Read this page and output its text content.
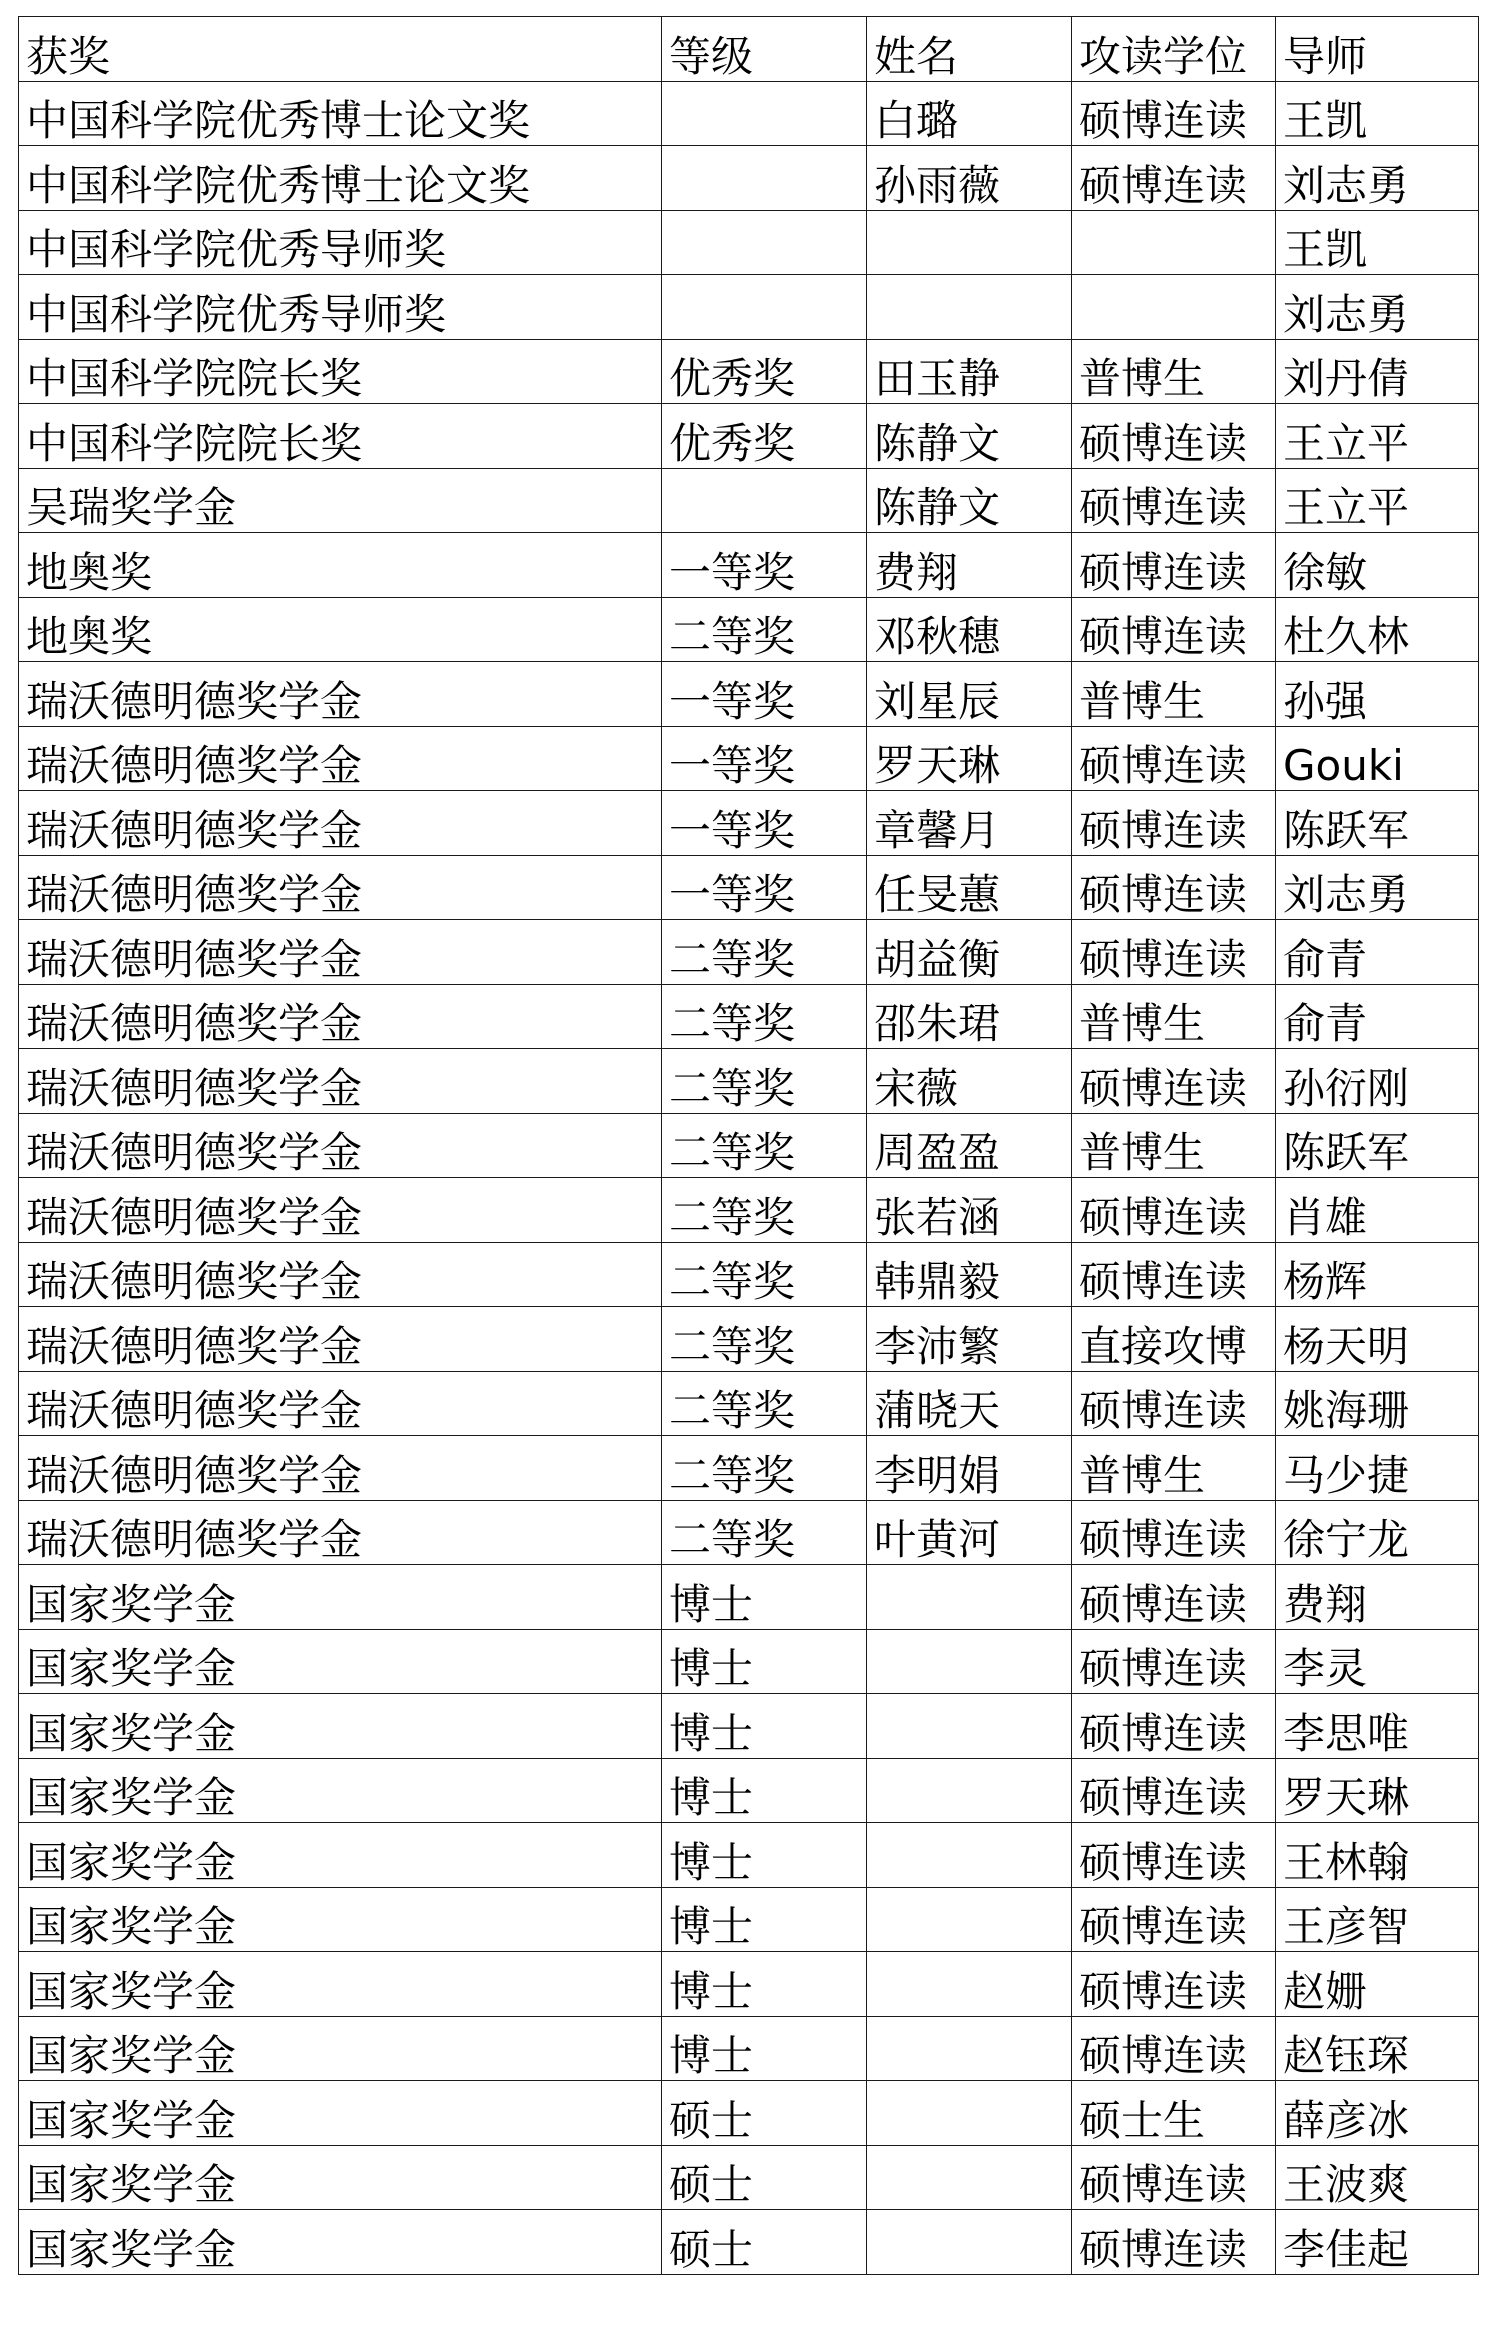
获奖	等级	姓名	攻读学位	导师
中国科学院优秀博士论文奖		白璐	硕博连读	王凯
中国科学院优秀博士论文奖		孙雨薇	硕博连读	刘志勇
中国科学院优秀导师奖				王凯
中国科学院优秀导师奖				刘志勇
中国科学院院长奖	优秀奖	田玉静	普博生	刘丹倩
中国科学院院长奖	优秀奖	陈静文	硕博连读	王立平
吴瑞奖学金		陈静文	硕博连读	王立平
地奥奖	一等奖	费翔	硕博连读	徐敏
地奥奖	二等奖	邓秋穗	硕博连读	杜久林
瑞沃德明德奖学金	一等奖	刘星辰	普博生	孙强
瑞沃德明德奖学金	一等奖	罗天琳	硕博连读	Gouki
瑞沃德明德奖学金	一等奖	章馨月	硕博连读	陈跃军
瑞沃德明德奖学金	一等奖	任旻蕙	硕博连读	刘志勇
瑞沃德明德奖学金	二等奖	胡益衡	硕博连读	俞青
瑞沃德明德奖学金	二等奖	邵朱珺	普博生	俞青
瑞沃德明德奖学金	二等奖	宋薇	硕博连读	孙衍刚
瑞沃德明德奖学金	二等奖	周盈盈	普博生	陈跃军
瑞沃德明德奖学金	二等奖	张若涵	硕博连读	肖雄
瑞沃德明德奖学金	二等奖	韩鼎毅	硕博连读	杨辉
瑞沃德明德奖学金	二等奖	李沛繁	直接攻博	杨天明
瑞沃德明德奖学金	二等奖	蒲晓天	硕博连读	姚海珊
瑞沃德明德奖学金	二等奖	李明娟	普博生	马少捷
瑞沃德明德奖学金	二等奖	叶黄河	硕博连读	徐宁龙
国家奖学金	博士		硕博连读	费翔
国家奖学金	博士		硕博连读	李灵
国家奖学金	博士		硕博连读	李思唯
国家奖学金	博士		硕博连读	罗天琳
国家奖学金	博士		硕博连读	王林翰
国家奖学金	博士		硕博连读	王彦智
国家奖学金	博士		硕博连读	赵姗
国家奖学金	博士		硕博连读	赵钰琛
国家奖学金	硕士		硕士生	薛彦冰
国家奖学金	硕士		硕博连读	王波爽
国家奖学金	硕士		硕博连读	李佳起
